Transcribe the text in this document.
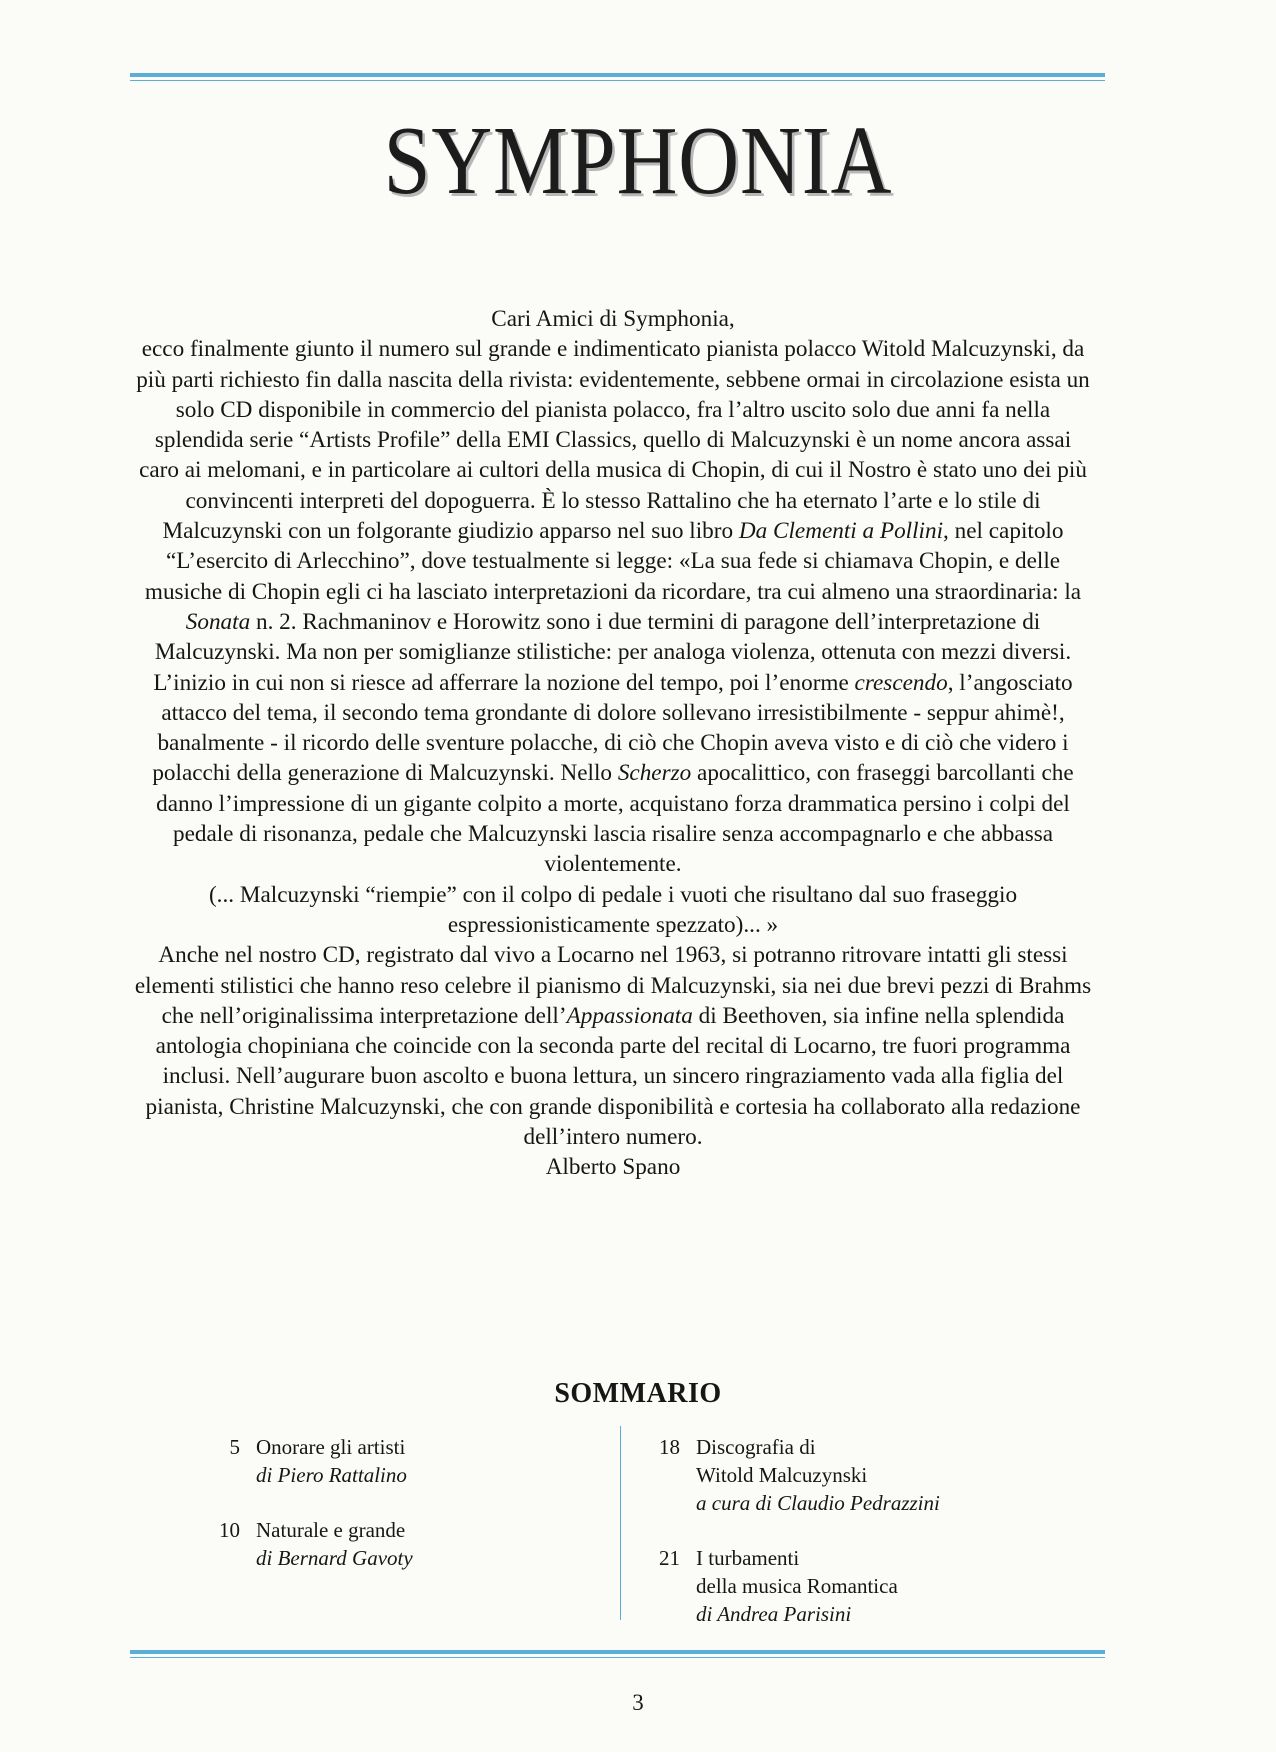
SYMPHONIA

Cari Amici di Symphonia,

ecco finalmente giunto il numero sul grande e indimenticato pianista polacco Witold Malcuzynski, da più parti richiesto fin dalla nascita della rivista: evidentemente, sebbene ormai in circolazione esista un solo CD disponibile in commercio del pianista polacco, fra l’altro uscito solo due anni fa nella splendida serie “Artists Profile” della EMI Classics, quello di Malcuzynski è un nome ancora assai caro ai melomani, e in particolare ai cultori della musica di Chopin, di cui il Nostro è stato uno dei più convincenti interpreti del dopoguerra. È lo stesso Rattalino che ha eternato l’arte e lo stile di Malcuzynski con un folgorante giudizio apparso nel suo libro Da Clementi a Pollini, nel capitolo “L’esercito di Arlecchino”, dove testualmente si legge: «La sua fede si chiamava Chopin, e delle musiche di Chopin egli ci ha lasciato interpretazioni da ricordare, tra cui almeno una straordinaria: la Sonata n. 2. Rachmaninov e Horowitz sono i due termini di paragone dell’interpretazione di Malcuzynski. Ma non per somiglianze stilistiche: per analoga violenza, ottenuta con mezzi diversi. L’inizio in cui non si riesce ad afferrare la nozione del tempo, poi l’enorme crescendo, l’angosciato attacco del tema, il secondo tema grondante di dolore sollevano irresistibilmente - seppur ahimè!, banalmente - il ricordo delle sventure polacche, di ciò che Chopin aveva visto e di ciò che videro i polacchi della generazione di Malcuzynski. Nello Scherzo apocalittico, con fraseggi barcollanti che danno l’impressione di un gigante colpito a morte, acquistano forza drammatica persino i colpi del pedale di risonanza, pedale che Malcuzynski lascia risalire senza accompagnarlo e che abbassa violentemente.

(... Malcuzynski “riempie” con il colpo di pedale i vuoti che risultano dal suo fraseggio espressionisticamente spezzato)... »

Anche nel nostro CD, registrato dal vivo a Locarno nel 1963, si potranno ritrovare intatti gli stessi elementi stilistici che hanno reso celebre il pianismo di Malcuzynski, sia nei due brevi pezzi di Brahms che nell’originalissima interpretazione dell’Appassionata di Beethoven, sia infine nella splendida antologia chopiniana che coincide con la seconda parte del recital di Locarno, tre fuori programma inclusi. Nell’augurare buon ascolto e buona lettura, un sincero ringraziamento vada alla figlia del pianista, Christine Malcuzynski, che con grande disponibilità e cortesia ha collaborato alla redazione dell’intero numero.

Alberto Spano

SOMMARIO
5 Onorare gli artisti
di Piero Rattalino
10 Naturale e grande
di Bernard Gavoty
18 Discografia di
Witold Malcuzynski
a cura di Claudio Pedrazzini
21 I turbamenti
della musica Romantica
di Andrea Parisini
3
